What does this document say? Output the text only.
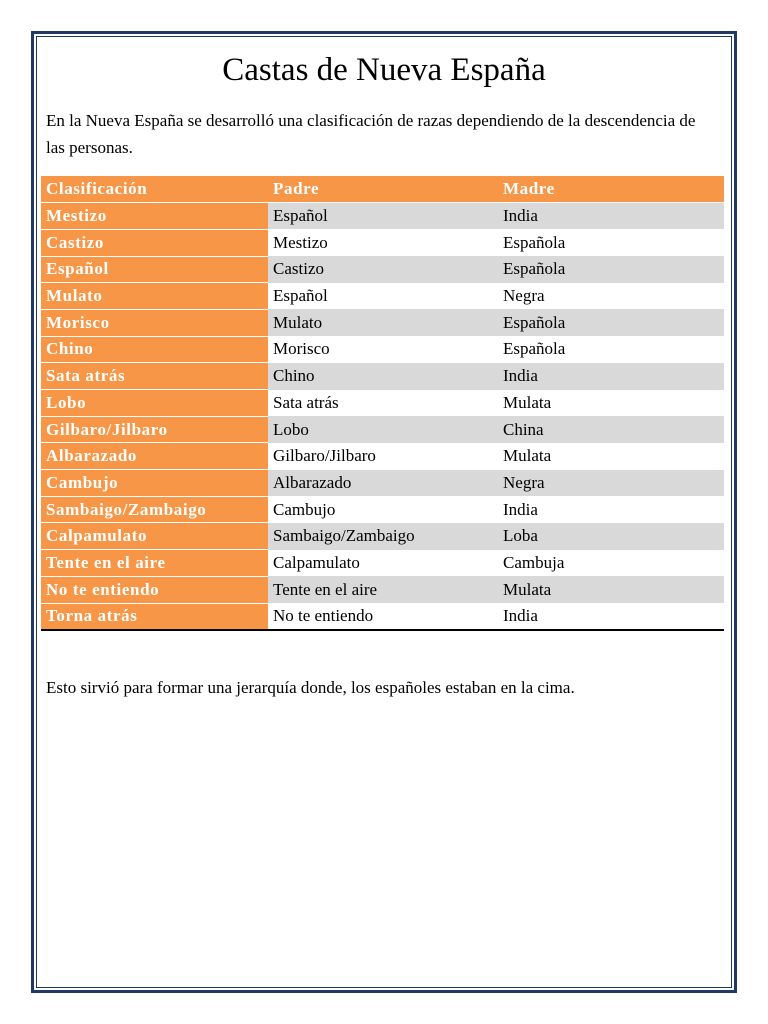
Castas de Nueva España

En la Nueva España se desarrolló una clasificación de razas dependiendo de la descendencia de las personas.

Clasificación	Padre	Madre
Mestizo	Español	India
Castizo	Mestizo	Española
Español	Castizo	Española
Mulato	Español	Negra
Morisco	Mulato	Española
Chino	Morisco	Española
Sata atrás	Chino	India
Lobo	Sata atrás	Mulata
Gilbaro/Jilbaro	Lobo	China
Albarazado	Gilbaro/Jilbaro	Mulata
Cambujo	Albarazado	Negra
Sambaigo/Zambaigo	Cambujo	India
Calpamulato	Sambaigo/Zambaigo	Loba
Tente en el aire	Calpamulato	Cambuja
No te entiendo	Tente en el aire	Mulata
Torna atrás	No te entiendo	India

Esto sirvió para formar una jerarquía donde, los españoles estaban en la cima.
